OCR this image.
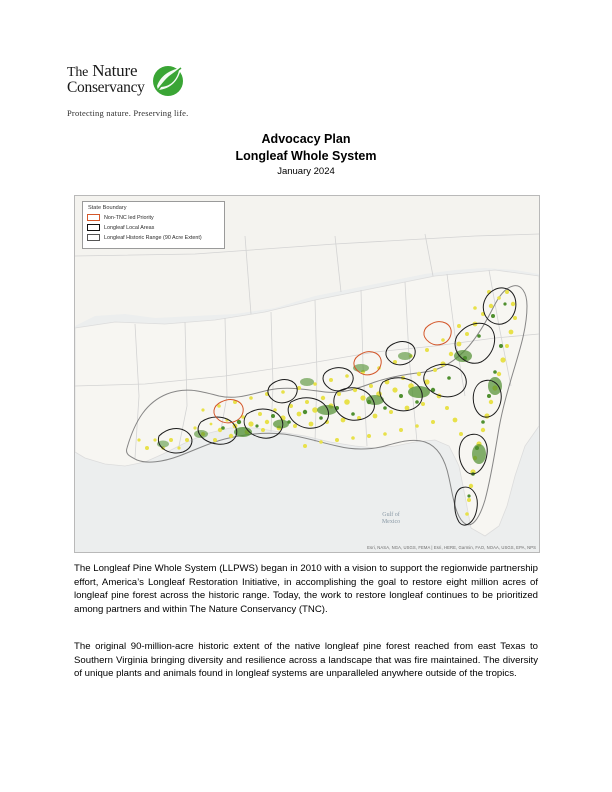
The Nature
Conservancy
Protecting nature. Preserving life.
Advocacy Plan
Longleaf Whole System
January 2024
Gulf of
Mexico
State Boundary
Non-TNC led Priority
Longleaf Local Areas
Longleaf Historic Range (90 Acre Extent)
Esri, NASA, NGA, USGS, FEMA | Esri, HERE, Garmin, FAO, NOAA, USGS, EPA, NPS
The Longleaf Pine Whole System (LLPWS) began in 2010 with a vision to support the regionwide partnership effort, America’s Longleaf Restoration Initiative, in accomplishing the goal to restore eight million acres of longleaf pine forest across the historic range. Today, the work to restore longleaf continues to be prioritized among partners and within The Nature Conservancy (TNC).
The original 90-million-acre historic extent of the native longleaf pine forest reached from east Texas to Southern Virginia bringing diversity and resilience across a landscape that was fire maintained. The diversity of unique plants and animals found in longleaf systems are unparalleled anywhere outside of the tropics.
